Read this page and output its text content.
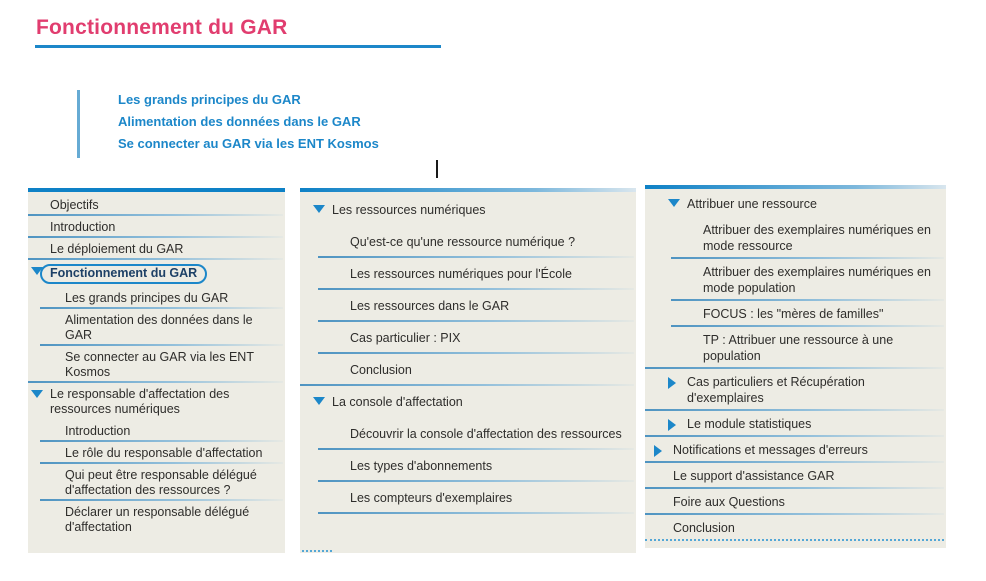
Fonctionnement du GAR
Les grands principes du GAR
Alimentation des données dans le GAR
Se connecter au GAR via les ENT Kosmos
Objectifs
Introduction
Le déploiement du GAR
Fonctionnement du GAR
Les grands principes du GAR
Alimentation des données dans le GAR
Se connecter au GAR via les ENT Kosmos
Le responsable d'affectation des ressources numériques
Introduction
Le rôle du responsable d'affectation
Qui peut être responsable délégué d'affectation des ressources ?
Déclarer un responsable délégué d'affectation
Les ressources numériques
Qu'est-ce qu'une ressource numérique ?
Les ressources numériques pour l'École
Les ressources dans le GAR
Cas particulier : PIX
Conclusion
La console d'affectation
Découvrir la console d'affectation des ressources
Les types d'abonnements
Les compteurs d'exemplaires
Attribuer une ressource
Attribuer des exemplaires numériques en mode ressource
Attribuer des exemplaires numériques en mode population
FOCUS : les "mères de familles"
TP : Attribuer une ressource à une population
Cas particuliers et Récupération d'exemplaires
Le module statistiques
Notifications et messages d'erreurs
Le support d'assistance GAR
Foire aux Questions
Conclusion
